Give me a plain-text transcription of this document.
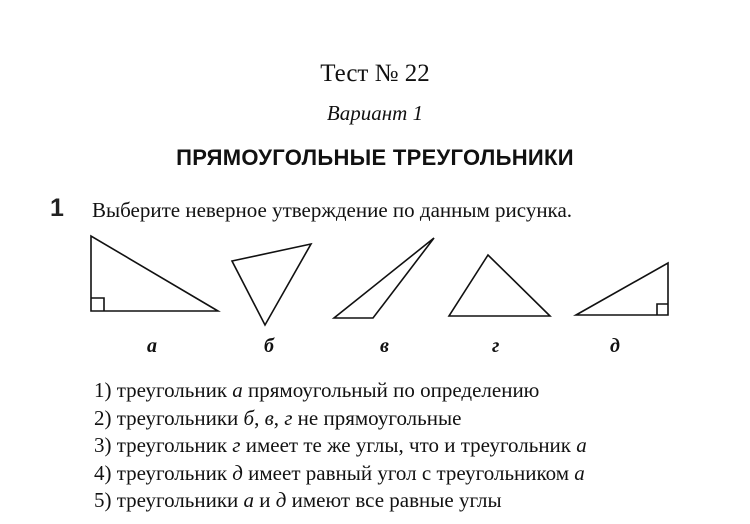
Тест № 22
Вариант 1
ПРЯМОУГОЛЬНЫЕ ТРЕУГОЛЬНИКИ
1 Выберите неверное утверждение по данным рисунка.
а	б	в	г	д
1) треугольник а прямоугольный по определению
2) треугольники б, в, г не прямоугольные
3) треугольник г имеет те же углы, что и треугольник а
4) треугольник д имеет равный угол с треугольником а
5) треугольники а и д имеют все равные углы
